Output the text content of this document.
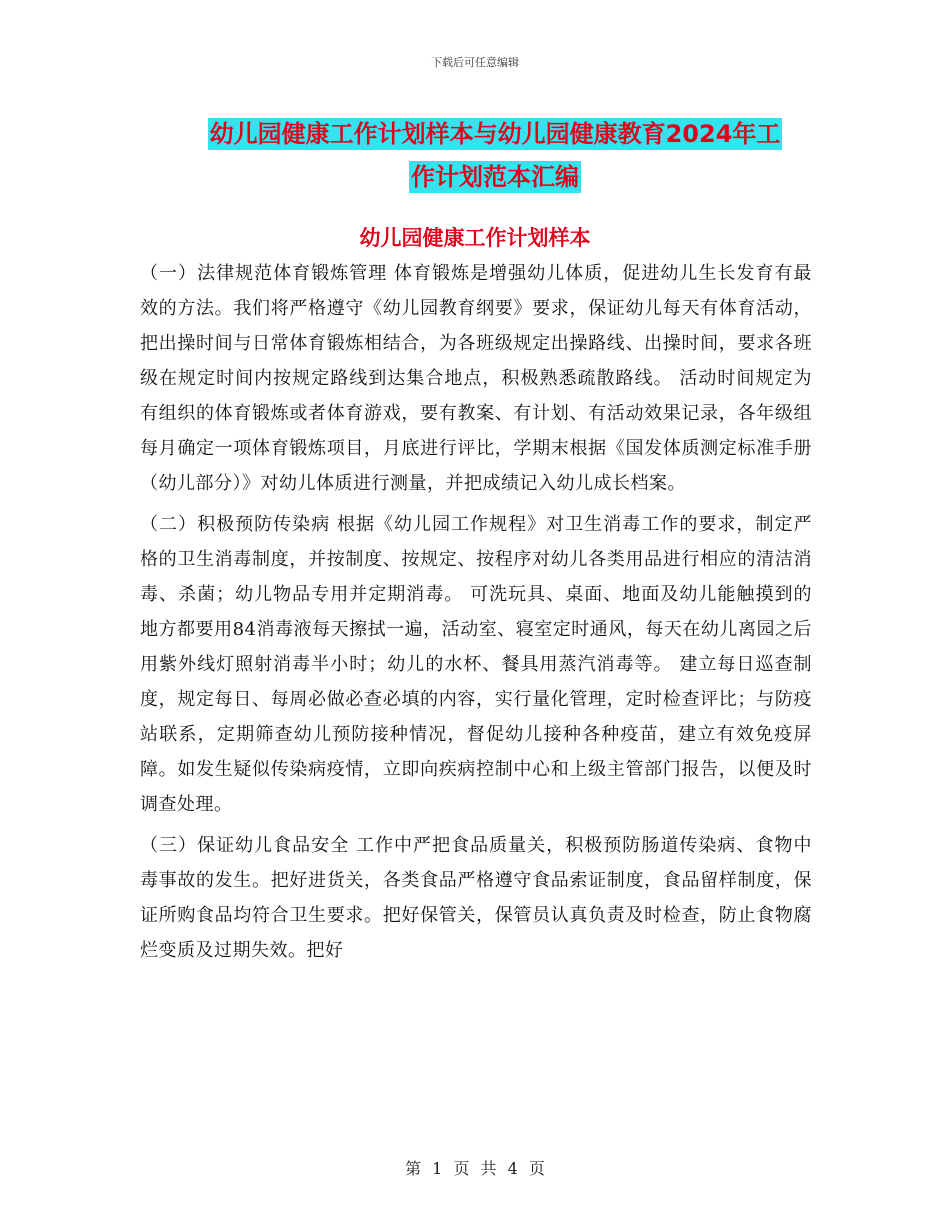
下载后可任意编辑
幼儿园健康工作计划样本与幼儿园健康教育2024年工
作计划范本汇编
幼儿园健康工作计划样本

（一）法律规范体育锻炼管理 体育锻炼是增强幼儿体质，促进幼儿生长发育有最效的方法。我们将严格遵守《幼儿园教育纲要》要求，保证幼儿每天有体育活动，把出操时间与日常体育锻炼相结合，为各班级规定出操路线、出操时间，要求各班级在规定时间内按规定路线到达集合地点，积极熟悉疏散路线。 活动时间规定为有组织的体育锻炼或者体育游戏，要有教案、有计划、有活动效果记录，各年级组每月确定一项体育锻炼项目，月底进行评比，学期末根据《国发体质测定标准手册（幼儿部分）》对幼儿体质进行测量，并把成绩记入幼儿成长档案。

（二）积极预防传染病 根据《幼儿园工作规程》对卫生消毒工作的要求，制定严格的卫生消毒制度，并按制度、按规定、按程序对幼儿各类用品进行相应的清洁消毒、杀菌；幼儿物品专用并定期消毒。 可洗玩具、桌面、地面及幼儿能触摸到的地方都要用84消毒液每天擦拭一遍，活动室、寝室定时通风，每天在幼儿离园之后用紫外线灯照射消毒半小时；幼儿的水杯、餐具用蒸汽消毒等。 建立每日巡查制度，规定每日、每周必做必查必填的内容，实行量化管理，定时检查评比；与防疫站联系，定期筛查幼儿预防接种情况，督促幼儿接种各种疫苗，建立有效免疫屏障。如发生疑似传染病疫情，立即向疾病控制中心和上级主管部门报告，以便及时调查处理。

（三）保证幼儿食品安全 工作中严把食品质量关，积极预防肠道传染病、食物中毒事故的发生。把好进货关，各类食品严格遵守食品索证制度，食品留样制度，保证所购食品均符合卫生要求。把好保管关，保管员认真负责及时检查，防止食物腐烂变质及过期失效。把好

第 1 页 共 4 页
